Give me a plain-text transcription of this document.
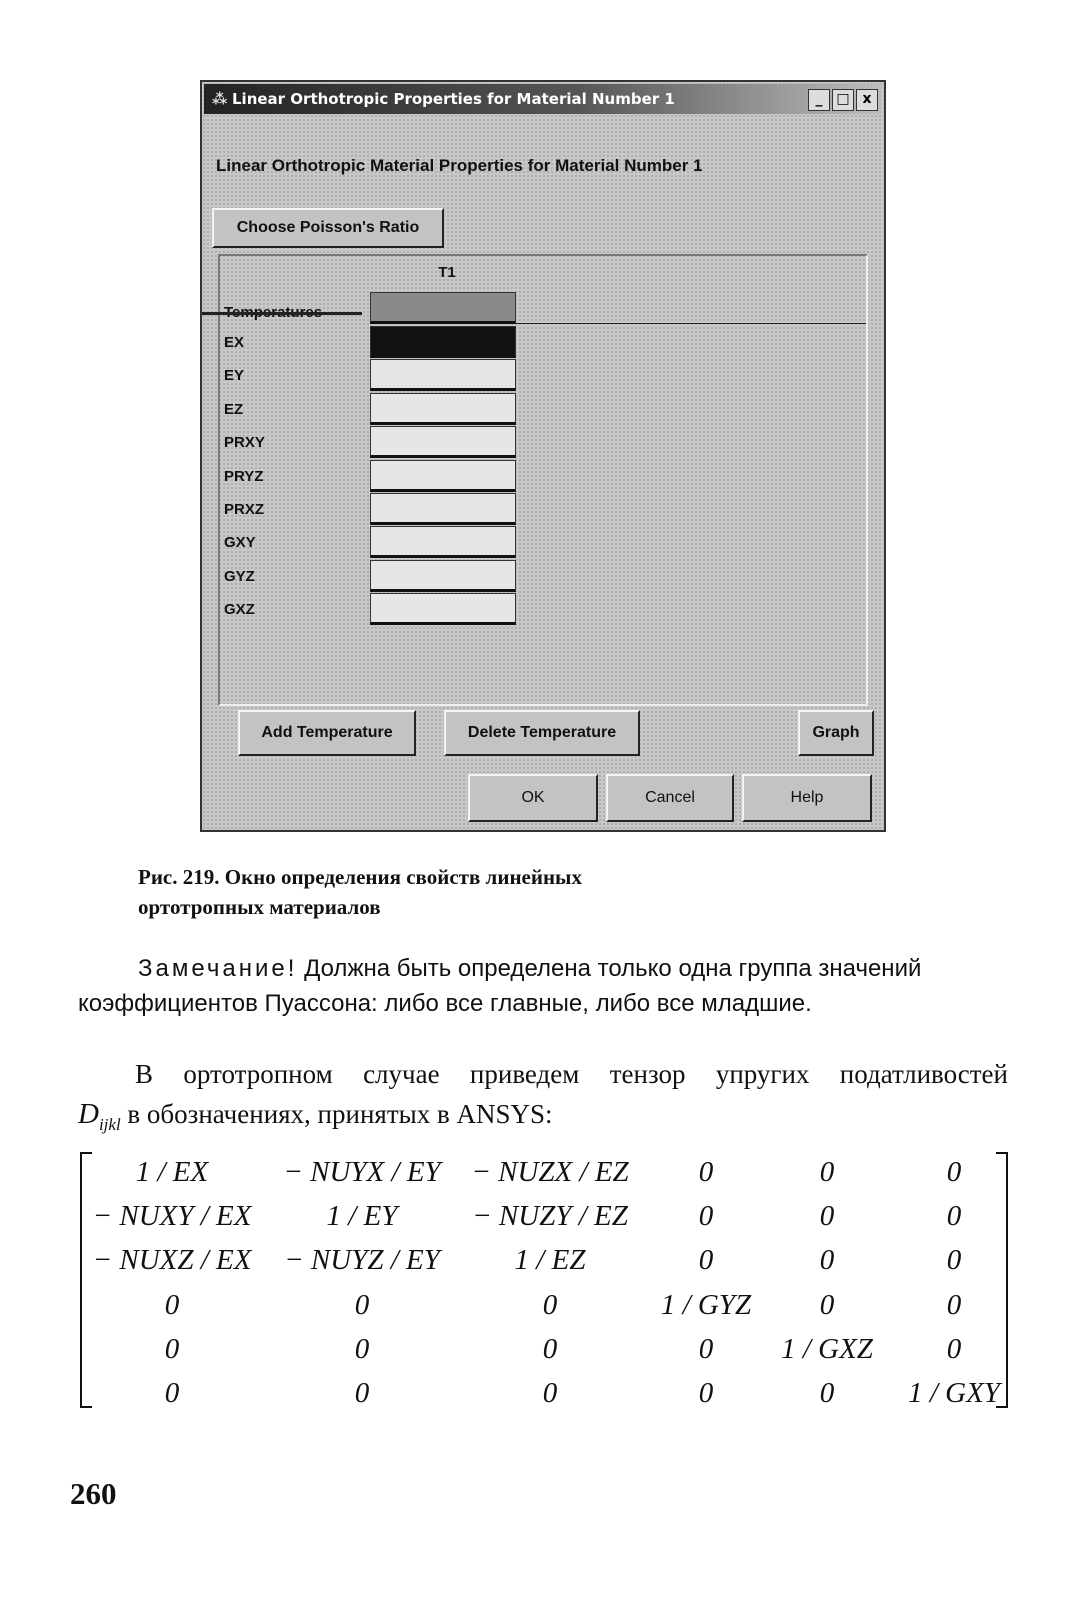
⁂ Linear Orthotropic Properties for Material Number 1	_ □ x
Linear Orthotropic Material Properties for Material Number 1
Choose Poisson's Ratio
T1
EX
EY
EZ
PRXY
PRYZ
PRXZ
GXY
GYZ
GXZ
Add Temperature	Delete Temperature	Graph
OK	Cancel	Help
Рис. 219. Окно определения свойств линейных
ортотропных материалов
Замечание! Должна быть определена только одна группа значений
коэффициентов Пуассона: либо все главные, либо все младшие.
В ортотропном случае приведем тензор упругих податливостей
$D_{ijkl}$ в обозначениях, принятых в ANSYS:
1 / EX	− NUYX / EY	− NUZX / EZ	0	0	0
− NUXY / EX	1 / EY	− NUZY / EZ	0	0	0
− NUXZ / EX	− NUYZ / EY	1 / EZ	0	0	0
0	0	0	1 / GYZ	0	0
0	0	0	0	1 / GXZ	0
0	0	0	0	0	1 / GXY
260
